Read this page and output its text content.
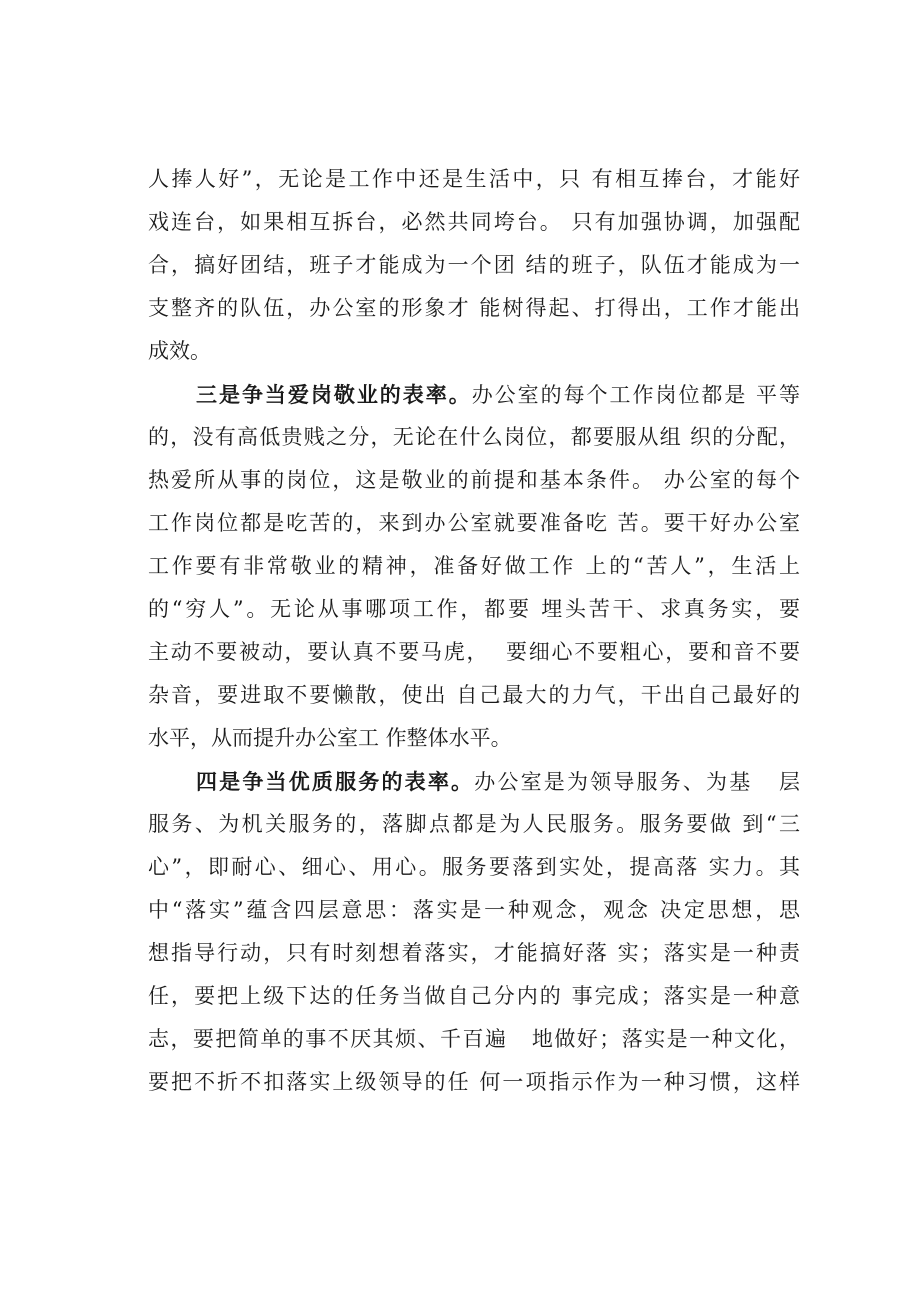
人捧人好”，无论是工作中还是生活中，只 有相互捧台，才能好
戏连台，如果相互拆台，必然共同垮台。 只有加强协调，加强配
合，搞好团结，班子才能成为一个团 结的班子，队伍才能成为一
支整齐的队伍，办公室的形象才 能树得起、打得出，工作才能出
成效。
三是争当爱岗敬业的表率。办公室的每个工作岗位都是 平等
的，没有高低贵贱之分，无论在什么岗位，都要服从组 织的分配，
热爱所从事的岗位，这是敬业的前提和基本条件。 办公室的每个
工作岗位都是吃苦的，来到办公室就要准备吃 苦。要干好办公室
工作要有非常敬业的精神，准备好做工作 上的“苦人”，生活上
的“穷人”。无论从事哪项工作，都要 埋头苦干、求真务实，要
主动不要被动，要认真不要马虎，  要细心不要粗心，要和音不要
杂音，要进取不要懒散，使出 自己最大的力气，干出自己最好的
水平，从而提升办公室工 作整体水平。
四是争当优质服务的表率。办公室是为领导服务、为基   层
服务、为机关服务的，落脚点都是为人民服务。服务要做 到“三
心”，即耐心、细心、用心。服务要落到实处，提高落 实力。其
中“落实”蕴含四层意思：落实是一种观念，观念 决定思想，思
想指导行动，只有时刻想着落实，才能搞好落 实；落实是一种责
任，要把上级下达的任务当做自己分内的 事完成；落实是一种意
志，要把简单的事不厌其烦、千百遍   地做好；落实是一种文化，
要把不折不扣落实上级领导的任 何一项指示作为一种习惯，这样
